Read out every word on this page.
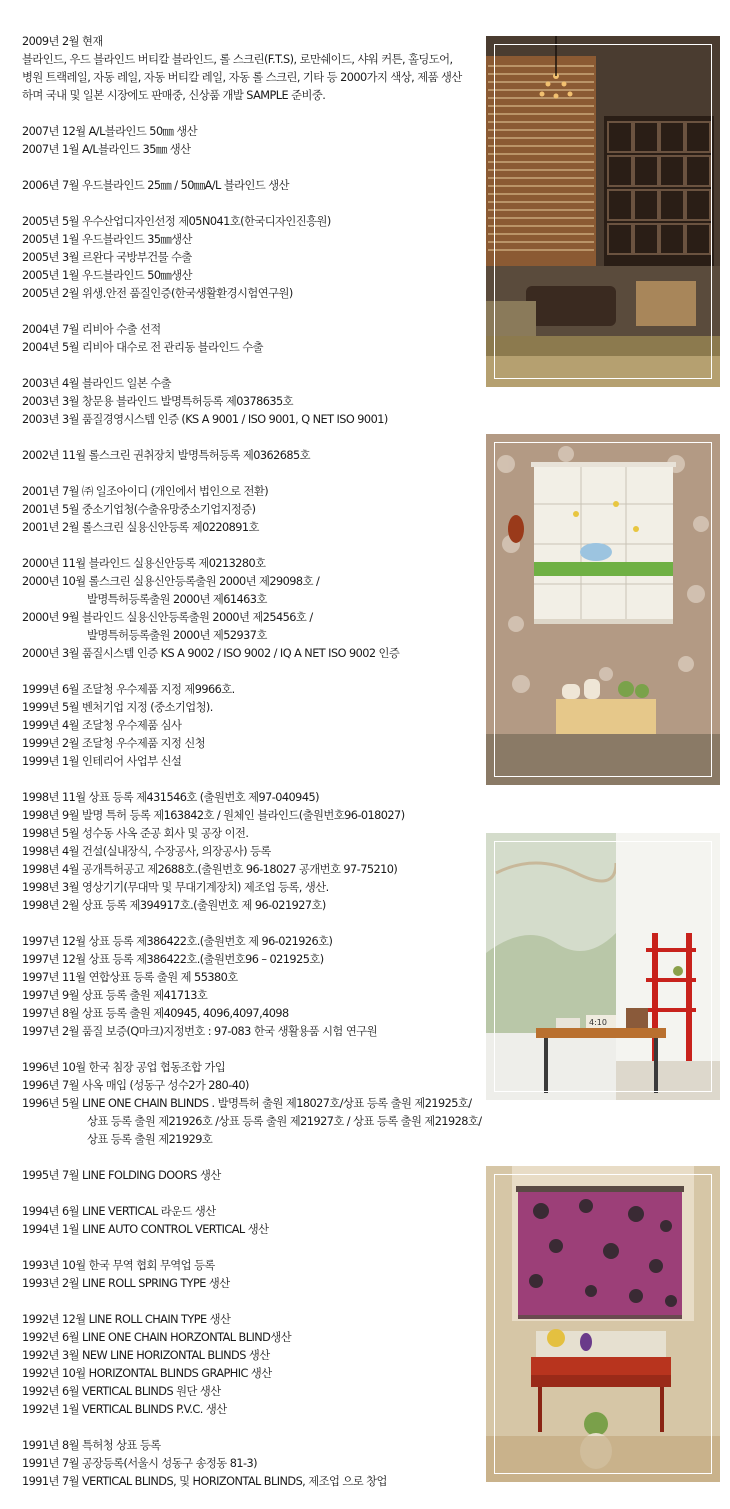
2009년 2월 현재
블라인드, 우드 블라인드 버티칼 블라인드, 롤 스크린(F.T.S), 로만쉐이드, 샤워 커튼, 홀딩도어,
병원 트랙레일, 자동 레일, 자동 버티칼 레일, 자동 롤 스크린, 기타 등 2000가지 색상, 제품 생산
하며 국내 및 일본 시장에도 판매중, 신상품 개발 SAMPLE 준비중.
2007년 12월 A/L블라인드 50㎜ 생산
2007년 1월 A/L블라인드 35㎜ 생산
2006년 7월 우드블라인드 25㎜ / 50㎜A/L 블라인드 생산
2005년 5월 우수산업디자인선정 제05N041호(한국디자인진흥원)
2005년 1월 우드블라인드 35㎜생산
2005년 3월 르완다 국방부건물 수출
2005년 1월 우드블라인드 50㎜생산
2005년 2월 위생.안전 품질인증(한국생활환경시험연구원)
2004년 7월 리비아 수출 선적
2004년 5월 리비아 대수로 전 관리동 블라인드 수출
2003년 4월 블라인드 일본 수출
2003년 3월 창문용 블라인드 발명특허등록 제0378635호
2003년 3월 품질경영시스템 인증 (KS A 9001 / ISO 9001, Q NET ISO 9001)
2002년 11월 롤스크린 권취장치 발명특허등록 제0362685호
2001년 7월 ㈜ 일조아이디 (개인에서 법인으로 전환)
2001년 5월 중소기업청(수출유망중소기업지정증)
2001년 2월 롤스크린 실용신안등록 제0220891호
2000년 11월 블라인드 실용신안등록 제0213280호
2000년 10월 롤스크린 실용신안등록출원 2000년 제29098호 /
발명특허등록출원 2000년 제61463호
2000년 9월 블라인드 실용신안등록출원 2000년 제25456호 /
발명특허등록출원 2000년 제52937호
2000년 3월 품질시스템 인증 KS A 9002 / ISO 9002 / IQ A NET ISO 9002 인증
1999년 6월 조달청 우수제품 지정 제9966호.
1999년 5월 벤처기업 지정 (중소기업청).
1999년 4월 조달청 우수제품 심사
1999년 2월 조달청 우수제품 지정 신청
1999년 1월 인테리어 사업부 신설
1998년 11월 상표 등록 제431546호 (출원번호 제97-040945)
1998년 9월 발명 특허 등록 제163842호 / 원체인 블라인드(출원번호96-018027)
1998년 5월 성수동 사옥 준공 회사 및 공장 이전.
1998년 4월 건설(실내장식, 수장공사, 의장공사) 등록
1998년 4월 공개특허공고 제2688호.(출원번호 96-18027 공개번호 97-75210)
1998년 3월 영상기기(무대막 및 무대기계장치) 제조업 등록, 생산.
1998년 2월 상표 등록 제394917호.(출원번호 제 96-021927호)
1997년 12월 상표 등록 제386422호.(출원번호 제 96-021926호)
1997년 12월 상표 등록 제386422호.(출원번호96 – 021925호)
1997년 11월 연합상표 등록 출원 제 55380호
1997년 9월 상표 등록 출원 제41713호
1997년 8월 상표 등록 출원 제40945, 4096,4097,4098
1997년 2월 품질 보증(Q마크)지정번호 : 97-083 한국 생활용품 시험 연구원
1996년 10월 한국 침장 공업 협동조합 가입
1996년 7월 사옥 매입 (성동구 성수2가 280-40)
1996년 5월 LINE ONE CHAIN BLINDS . 발명특허 출원 제18027호/상표 등록 출원 제21925호/
상표 등록 출원 제21926호 /상표 등록 출원 제21927호 / 상표 등록 출원 제21928호/
상표 등록 출원 제21929호
1995년 7월 LINE FOLDING DOORS 생산
1994년 6월 LINE VERTICAL 라운드 생산
1994년 1월 LINE AUTO CONTROL VERTICAL 생산
1993년 10월 한국 무역 협회 무역업 등록
1993년 2월 LINE ROLL SPRING TYPE 생산
1992년 12월 LINE ROLL CHAIN TYPE 생산
1992년 6월 LINE ONE CHAIN HORZONTAL BLIND생산
1992년 3월 NEW LINE HORIZONTAL BLINDS 생산
1992년 10월 HORIZONTAL BLINDS GRAPHIC 생산
1992년 6월 VERTICAL BLINDS 원단 생산
1992년 1월 VERTICAL BLINDS P.V.C. 생산
1991년 8월 특허청 상표 등록
1991년 7월 공장등록(서울시 성동구 송정동 81-3)
1991년 7월 VERTICAL BLINDS, 및 HORIZONTAL BLINDS, 제조업 으로 창업
4:10
